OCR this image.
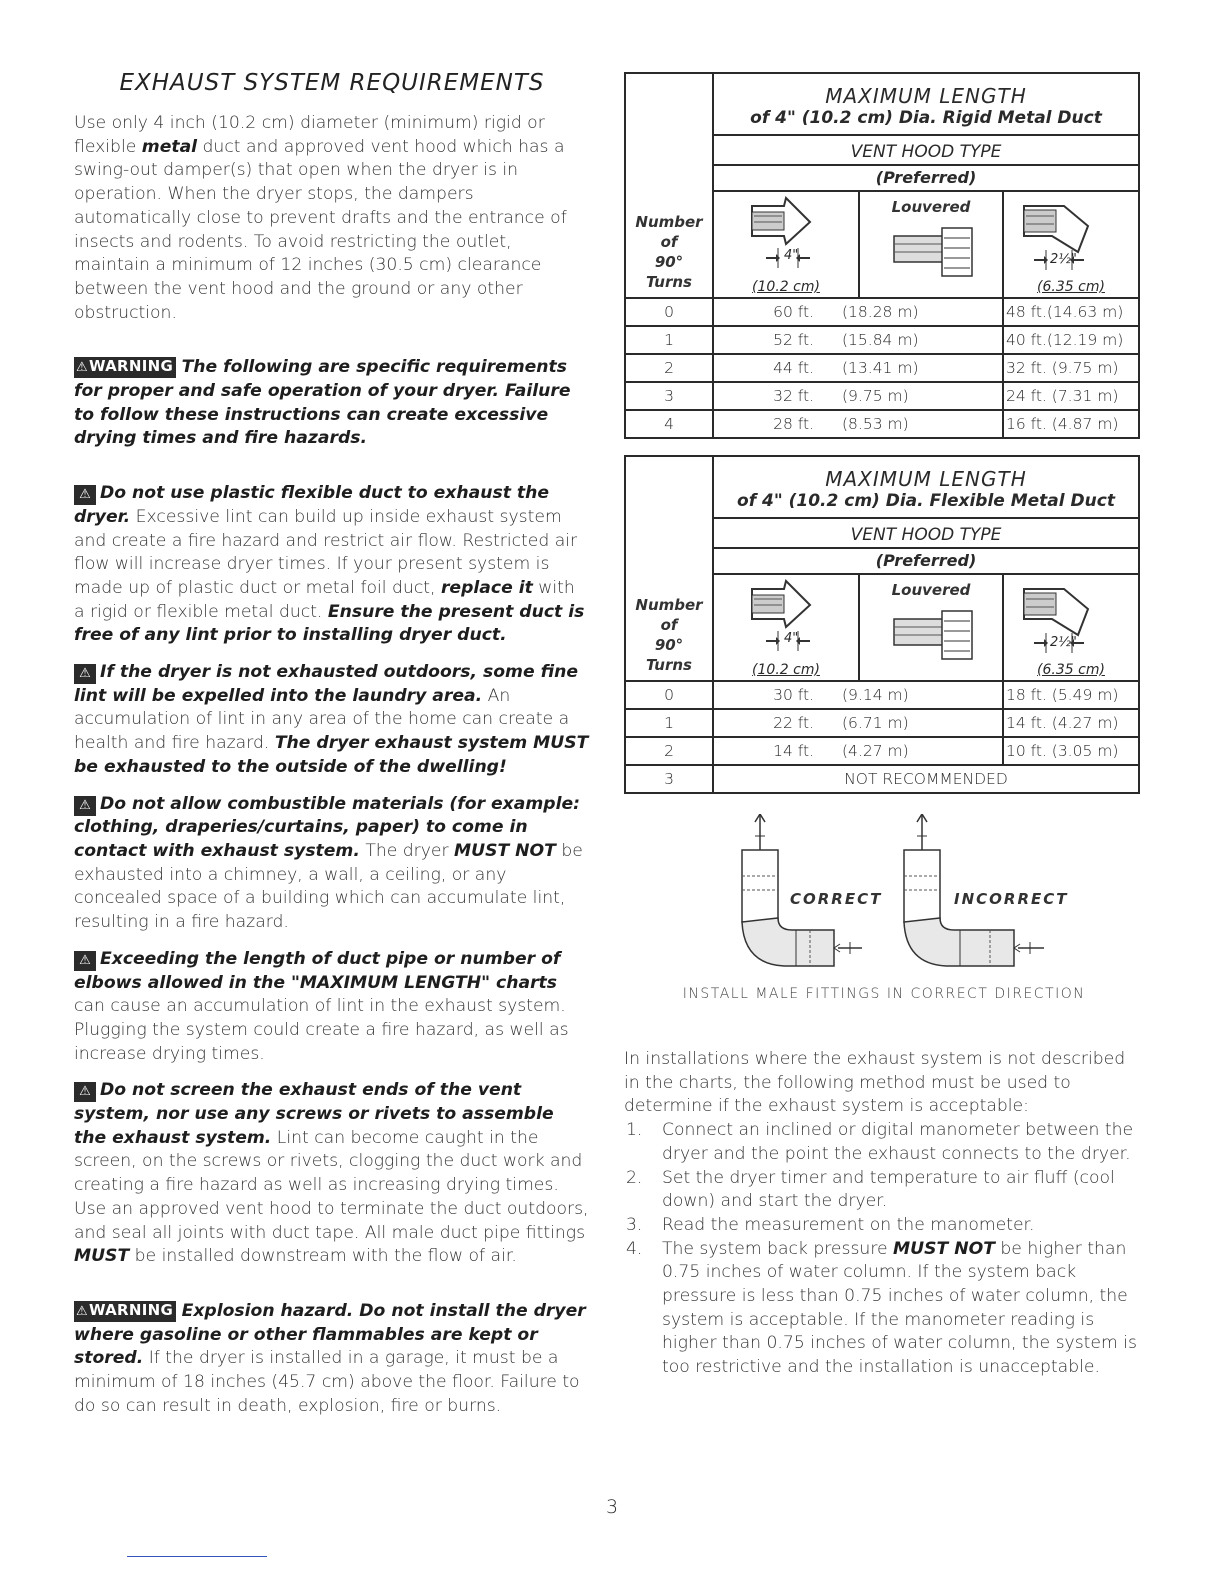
EXHAUST SYSTEM REQUIREMENTS

Use only 4 inch (10.2 cm) diameter (minimum) rigid or flexible metal duct and approved vent hood which has a swing-out damper(s) that open when the dryer is in operation. When the dryer stops, the dampers automatically close to prevent drafts and the entrance of insects and rodents. To avoid restricting the outlet, maintain a minimum of 12 inches (30.5 cm) clearance between the vent hood and the ground or any other obstruction.

⚠WARNING The following are specific requirements for proper and safe operation of your dryer. Failure to follow these instructions can create excessive drying times and fire hazards.

⚠ Do not use plastic flexible duct to exhaust the dryer. Excessive lint can build up inside exhaust system and create a fire hazard and restrict air flow. Restricted air flow will increase dryer times. If your present system is made up of plastic duct or metal foil duct, replace it with a rigid or flexible metal duct. Ensure the present duct is free of any lint prior to installing dryer duct.

⚠ If the dryer is not exhausted outdoors, some fine lint will be expelled into the laundry area. An accumulation of lint in any area of the home can create a health and fire hazard. The dryer exhaust system MUST be exhausted to the outside of the dwelling!

⚠ Do not allow combustible materials (for example: clothing, draperies/curtains, paper) to come in contact with exhaust system. The dryer MUST NOT be exhausted into a chimney, a wall, a ceiling, or any concealed space of a building which can accumulate lint, resulting in a fire hazard.

⚠ Exceeding the length of duct pipe or number of elbows allowed in the "MAXIMUM LENGTH" charts can cause an accumulation of lint in the exhaust system. Plugging the system could create a fire hazard, as well as increase drying times.

⚠ Do not screen the exhaust ends of the vent system, nor use any screws or rivets to assemble the exhaust system. Lint can become caught in the screen, on the screws or rivets, clogging the duct work and creating a fire hazard as well as increasing drying times. Use an approved vent hood to terminate the duct outdoors, and seal all joints with duct tape. All male duct pipe fittings MUST be installed downstream with the flow of air.

⚠WARNING Explosion hazard. Do not install the dryer where gasoline or other flammables are kept or stored. If the dryer is installed in a garage, it must be a minimum of 18 inches (45.7 cm) above the floor. Failure to do so can result in death, explosion, fire or burns.

Number
of
90°
Turns
MAXIMUM LENGTH
of 4" (10.2 cm) Dia. Rigid Metal Duct
VENT HOOD TYPE
(Preferred)
4"
(10.2 cm)
Louvered
2½"
(6.35 cm)
0	60 ft. (18.28 m)	48 ft.(14.63 m)
1	52 ft. (15.84 m)	40 ft.(12.19 m)
2	44 ft. (13.41 m)	32 ft. (9.75 m)
3	32 ft. (9.75 m)	24 ft. (7.31 m)
4	28 ft. (8.53 m)	16 ft. (4.87 m)
Number
of
90°
Turns
MAXIMUM LENGTH
of 4" (10.2 cm) Dia. Flexible Metal Duct
VENT HOOD TYPE
(Preferred)
4"
(10.2 cm)
Louvered
2½"
(6.35 cm)
0	30 ft. (9.14 m)	18 ft. (5.49 m)
1	22 ft. (6.71 m)	14 ft. (4.27 m)
2	14 ft. (4.27 m)	10 ft. (3.05 m)
3	NOT RECOMMENDED
CORRECT	INCORRECT
INSTALL MALE FITTINGS IN CORRECT DIRECTION

In installations where the exhaust system is not described in the charts, the following method must be used to determine if the exhaust system is acceptable:

1. Connect an inclined or digital manometer between the dryer and the point the exhaust connects to the dryer.
2. Set the dryer timer and temperature to air fluff (cool down) and start the dryer.
3. Read the measurement on the manometer.
4. The system back pressure MUST NOT be higher than 0.75 inches of water column. If the system back pressure is less than 0.75 inches of water column, the system is acceptable. If the manometer reading is higher than 0.75 inches of water column, the system is too restrictive and the installation is unacceptable.
3
